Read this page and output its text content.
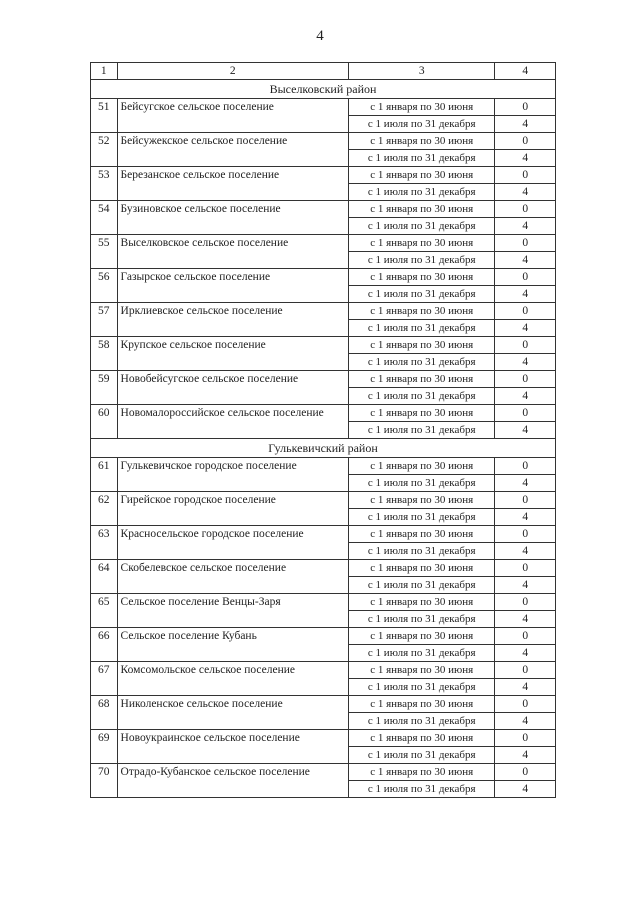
4
1	2	3	4
Выселковский район			
51	Бейсугское сельское поселение	с 1 января по 30 июня	0
		с 1 июля по 31 декабря	4
52	Бейсужекское сельское поселение	с 1 января по 30 июня	0
		с 1 июля по 31 декабря	4
53	Березанское сельское поселение	с 1 января по 30 июня	0
		с 1 июля по 31 декабря	4
54	Бузиновское сельское поселение	с 1 января по 30 июня	0
		с 1 июля по 31 декабря	4
55	Выселковское сельское поселение	с 1 января по 30 июня	0
		с 1 июля по 31 декабря	4
56	Газырское сельское поселение	с 1 января по 30 июня	0
		с 1 июля по 31 декабря	4
57	Ирклиевское сельское поселение	с 1 января по 30 июня	0
		с 1 июля по 31 декабря	4
58	Крупское сельское поселение	с 1 января по 30 июня	0
		с 1 июля по 31 декабря	4
59	Новобейсугское сельское поселение	с 1 января по 30 июня	0
		с 1 июля по 31 декабря	4
60	Новомалороссийское сельское поселение	с 1 января по 30 июня	0
		с 1 июля по 31 декабря	4
Гулькевичский район			
61	Гулькевичское городское поселение	с 1 января по 30 июня	0
		с 1 июля по 31 декабря	4
62	Гирейское городское поселение	с 1 января по 30 июня	0
		с 1 июля по 31 декабря	4
63	Красносельское городское поселение	с 1 января по 30 июня	0
		с 1 июля по 31 декабря	4
64	Скобелевское сельское поселение	с 1 января по 30 июня	0
		с 1 июля по 31 декабря	4
65	Сельское поселение Венцы-Заря	с 1 января по 30 июня	0
		с 1 июля по 31 декабря	4
66	Сельское поселение Кубань	с 1 января по 30 июня	0
		с 1 июля по 31 декабря	4
67	Комсомольское сельское поселение	с 1 января по 30 июня	0
		с 1 июля по 31 декабря	4
68	Николенское сельское поселение	с 1 января по 30 июня	0
		с 1 июля по 31 декабря	4
69	Новоукраинское сельское поселение	с 1 января по 30 июня	0
		с 1 июля по 31 декабря	4
70	Отрадо-Кубанское сельское поселение	с 1 января по 30 июня	0
		с 1 июля по 31 декабря	4
